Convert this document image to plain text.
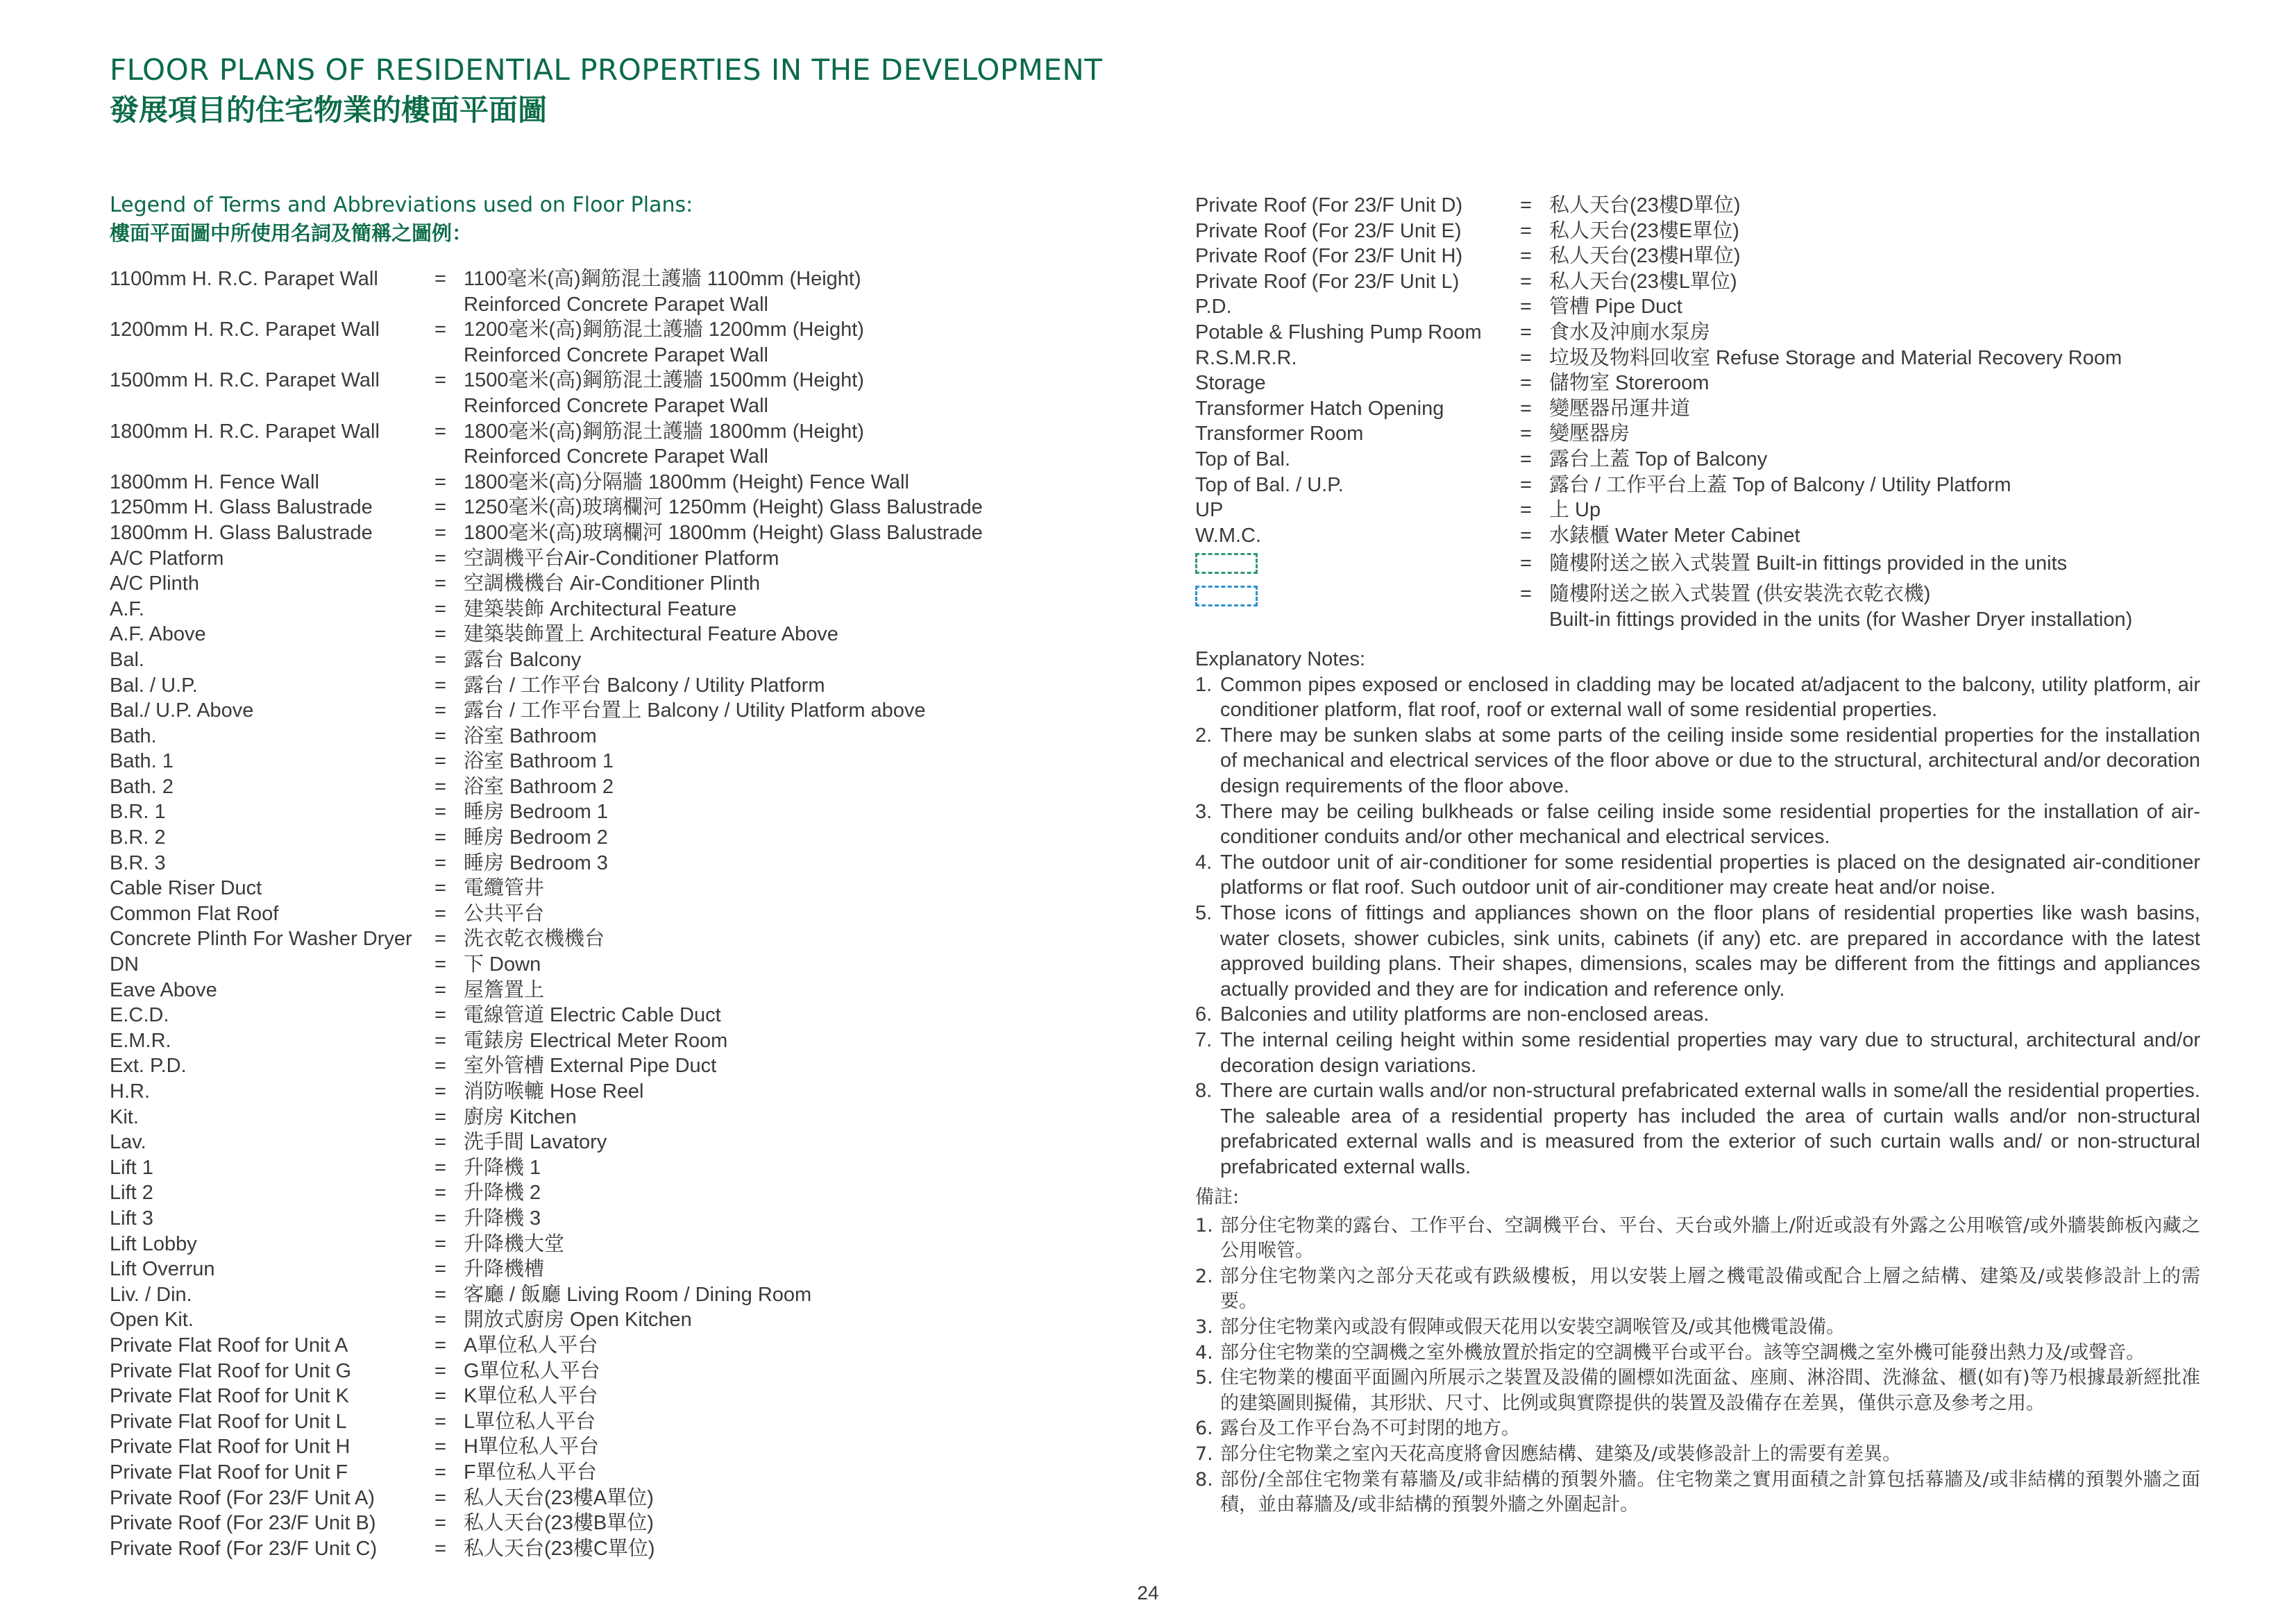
FLOOR PLANS OF RESIDENTIAL PROPERTIES IN THE DEVELOPMENT
發展項目的住宅物業的樓面平面圖
Legend of Terms and Abbreviations used on Floor Plans:
樓面平面圖中所使用名詞及簡稱之圖例：
1100mm H. R.C. Parapet Wall	= 1100毫米(高)鋼筋混土護牆 1100mm (Height)
Reinforced Concrete Parapet Wall
1200mm H. R.C. Parapet Wall	= 1200毫米(高)鋼筋混土護牆 1200mm (Height)
Reinforced Concrete Parapet Wall
1500mm H. R.C. Parapet Wall	= 1500毫米(高)鋼筋混土護牆 1500mm (Height)
Reinforced Concrete Parapet Wall
1800mm H. R.C. Parapet Wall	= 1800毫米(高)鋼筋混土護牆 1800mm (Height)
Reinforced Concrete Parapet Wall
1800mm H. Fence Wall	= 1800毫米(高)分隔牆 1800mm (Height) Fence Wall
1250mm H. Glass Balustrade	= 1250毫米(高)玻璃欄河 1250mm (Height) Glass Balustrade
1800mm H. Glass Balustrade	= 1800毫米(高)玻璃欄河 1800mm (Height) Glass Balustrade
A/C Platform	= 空調機平台Air-Conditioner Platform
A/C Plinth	= 空調機機台 Air-Conditioner Plinth
A.F.	= 建築裝飾 Architectural Feature
A.F. Above	= 建築裝飾置上 Architectural Feature Above
Bal.	= 露台 Balcony
Bal. / U.P.	= 露台 / 工作平台 Balcony / Utility Platform
Bal./ U.P. Above	= 露台 / 工作平台置上 Balcony / Utility Platform above
Bath.	= 浴室 Bathroom
Bath. 1	= 浴室 Bathroom 1
Bath. 2	= 浴室 Bathroom 2
B.R. 1	= 睡房 Bedroom 1
B.R. 2	= 睡房 Bedroom 2
B.R. 3	= 睡房 Bedroom 3
Cable Riser Duct	= 電纜管井
Common Flat Roof	= 公共平台
Concrete Plinth For Washer Dryer	= 洗衣乾衣機機台
DN	= 下 Down
Eave Above	= 屋簷置上
E.C.D.	= 電線管道 Electric Cable Duct
E.M.R.	= 電錶房 Electrical Meter Room
Ext. P.D.	= 室外管槽 External Pipe Duct
H.R.	= 消防喉轆 Hose Reel
Kit.	= 廚房 Kitchen
Lav.	= 洗手間 Lavatory
Lift 1	= 升降機 1
Lift 2	= 升降機 2
Lift 3	= 升降機 3
Lift Lobby	= 升降機大堂
Lift Overrun	= 升降機槽
Liv. / Din.	= 客廳 / 飯廳 Living Room / Dining Room
Open Kit.	= 開放式廚房 Open Kitchen
Private Flat Roof for Unit A	= A單位私人平台
Private Flat Roof for Unit G	= G單位私人平台
Private Flat Roof for Unit K	= K單位私人平台
Private Flat Roof for Unit L	= L單位私人平台
Private Flat Roof for Unit H	= H單位私人平台
Private Flat Roof for Unit F	= F單位私人平台
Private Roof (For 23/F Unit A)	= 私人天台(23樓A單位)
Private Roof (For 23/F Unit B)	= 私人天台(23樓B單位)
Private Roof (For 23/F Unit C)	= 私人天台(23樓C單位)
Private Roof (For 23/F Unit D)	= 私人天台(23樓D單位)
Private Roof (For 23/F Unit E)	= 私人天台(23樓E單位)
Private Roof (For 23/F Unit H)	= 私人天台(23樓H單位)
Private Roof (For 23/F Unit L)	= 私人天台(23樓L單位)
P.D.	= 管槽 Pipe Duct
Potable & Flushing Pump Room	= 食水及沖廁水泵房
R.S.M.R.R.	= 垃圾及物料回收室 Refuse Storage and Material Recovery Room
Storage	= 儲物室 Storeroom
Transformer Hatch Opening	= 變壓器吊運井道
Transformer Room	= 變壓器房
Top of Bal.	= 露台上蓋 Top of Balcony
Top of Bal. / U.P.	= 露台 / 工作平台上蓋 Top of Balcony / Utility Platform
UP	= 上 Up
W.M.C.	= 水錶櫃 Water Meter Cabinet
= 隨樓附送之嵌入式裝置 Built-in fittings provided in the units
= 隨樓附送之嵌入式裝置 (供安裝洗衣乾衣機)
Built-in fittings provided in the units (for Washer Dryer installation)
Explanatory Notes:
1. Common pipes exposed or enclosed in cladding may be located at/adjacent to the balcony, utility platform, air conditioner platform, flat roof, roof or external wall of some residential properties.
2. There may be sunken slabs at some parts of the ceiling inside some residential properties for the installation of mechanical and electrical services of the floor above or due to the structural, architectural and/or decoration design requirements of the floor above.
3. There may be ceiling bulkheads or false ceiling inside some residential properties for the installation of air-conditioner conduits and/or other mechanical and electrical services.
4. The outdoor unit of air-conditioner for some residential properties is placed on the designated air-conditioner platforms or flat roof. Such outdoor unit of air-conditioner may create heat and/or noise.
5. Those icons of fittings and appliances shown on the floor plans of residential properties like wash basins, water closets, shower cubicles, sink units, cabinets (if any) etc. are prepared in accordance with the latest approved building plans. Their shapes, dimensions, scales may be different from the fittings and appliances actually provided and they are for indication and reference only.
6. Balconies and utility platforms are non-enclosed areas.
7. The internal ceiling height within some residential properties may vary due to structural, architectural and/or decoration design variations.
8. There are curtain walls and/or non-structural prefabricated external walls in some/all the residential properties. The saleable area of a residential property has included the area of curtain walls and/or non-structural prefabricated external walls and is measured from the exterior of such curtain walls and/ or non-structural prefabricated external walls.
備註:
1. 部分住宅物業的露台、工作平台、空調機平台、平台、天台或外牆上/附近或設有外露之公用喉管/或外牆裝飾板內藏之公用喉管。
2. 部分住宅物業內之部分天花或有跌級樓板，用以安裝上層之機電設備或配合上層之結構、建築及/或裝修設計上的需要。
3. 部分住宅物業內或設有假陣或假天花用以安裝空調喉管及/或其他機電設備。
4. 部分住宅物業的空調機之室外機放置於指定的空調機平台或平台。該等空調機之室外機可能發出熱力及/或聲音。
5. 住宅物業的樓面平面圖內所展示之裝置及設備的圖標如洗面盆、座廁、淋浴間、洗滌盆、櫃(如有)等乃根據最新經批准的建築圖則擬備，其形狀、尺寸、比例或與實際提供的裝置及設備存在差異，僅供示意及參考之用。
6. 露台及工作平台為不可封閉的地方。
7. 部分住宅物業之室內天花高度將會因應結構、建築及/或裝修設計上的需要有差異。
8. 部份/全部住宅物業有幕牆及/或非結構的預製外牆。住宅物業之實用面積之計算包括幕牆及/或非結構的預製外牆之面積，並由幕牆及/或非結構的預製外牆之外圍起計。
24
